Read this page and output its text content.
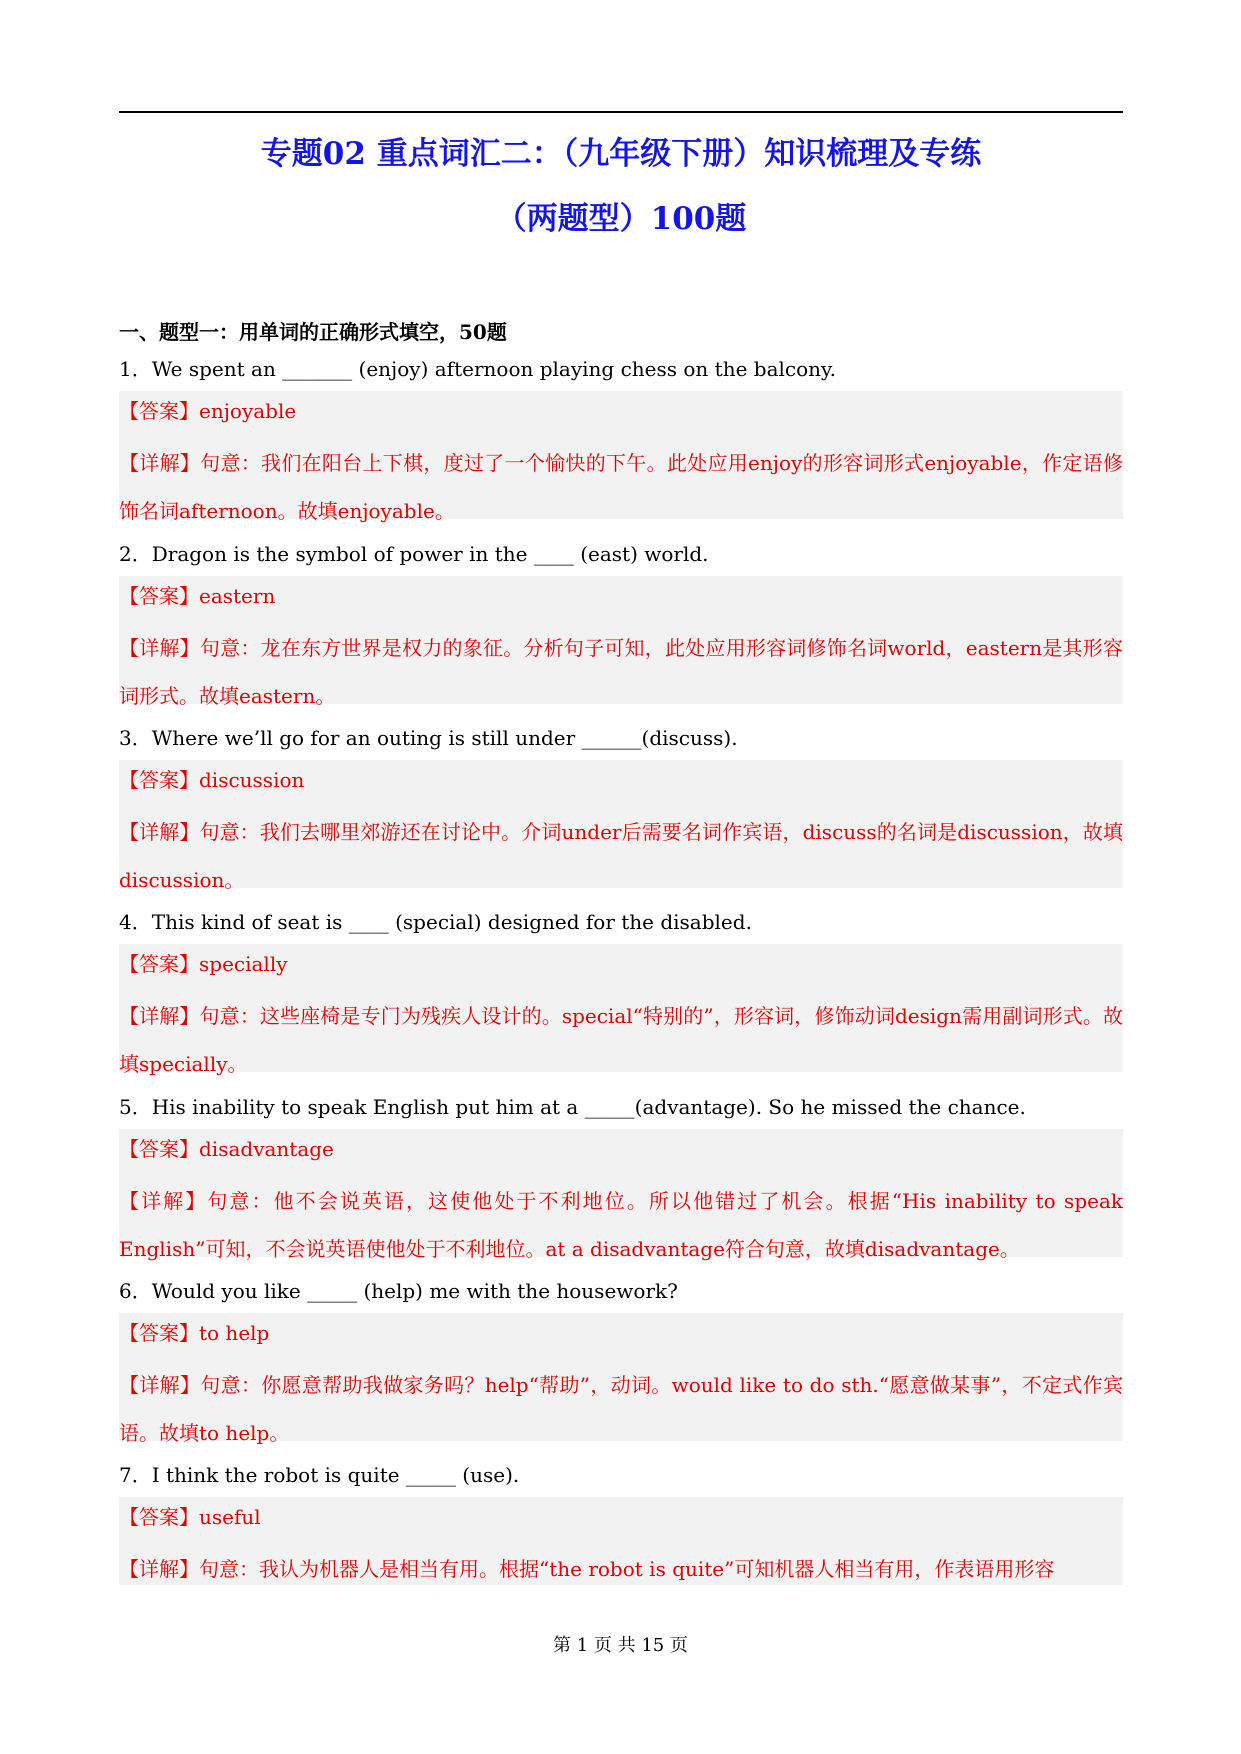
专题02 重点词汇二：（九年级下册）知识梳理及专练
（两题型）100题
一、题型一：用单词的正确形式填空，50题
1．We spent an _______ (enjoy) afternoon playing chess on the balcony.
【答案】enjoyable
【详解】句意：我们在阳台上下棋，度过了一个愉快的下午。此处应用enjoy的形容词形式enjoyable，作定语修饰名词afternoon。故填enjoyable。
2．Dragon is the symbol of power in the ____ (east) world.
【答案】eastern
【详解】句意：龙在东方世界是权力的象征。分析句子可知，此处应用形容词修饰名词world，eastern是其形容词形式。故填eastern。
3．Where we’ll go for an outing is still under ______(discuss).
【答案】discussion
【详解】句意：我们去哪里郊游还在讨论中。介词under后需要名词作宾语，discuss的名词是discussion，故填discussion。
4．This kind of seat is ____ (special) designed for the disabled.
【答案】specially
【详解】句意：这些座椅是专门为残疾人设计的。special“特别的”，形容词，修饰动词design需用副词形式。故填specially。
5．His inability to speak English put him at a _____(advantage). So he missed the chance.
【答案】disadvantage
【详解】句意：他不会说英语，这使他处于不利地位。所以他错过了机会。根据“His inability to speak English”可知，不会说英语使他处于不利地位。at a disadvantage符合句意，故填disadvantage。
6．Would you like _____ (help) me with the housework?
【答案】to help
【详解】句意：你愿意帮助我做家务吗？help“帮助”，动词。would like to do sth.“愿意做某事”，不定式作宾语。故填to help。
7．I think the robot is quite _____ (use).
【答案】useful
【详解】句意：我认为机器人是相当有用。根据“the robot is quite”可知机器人相当有用，作表语用形容
第 1 页 共 15 页
